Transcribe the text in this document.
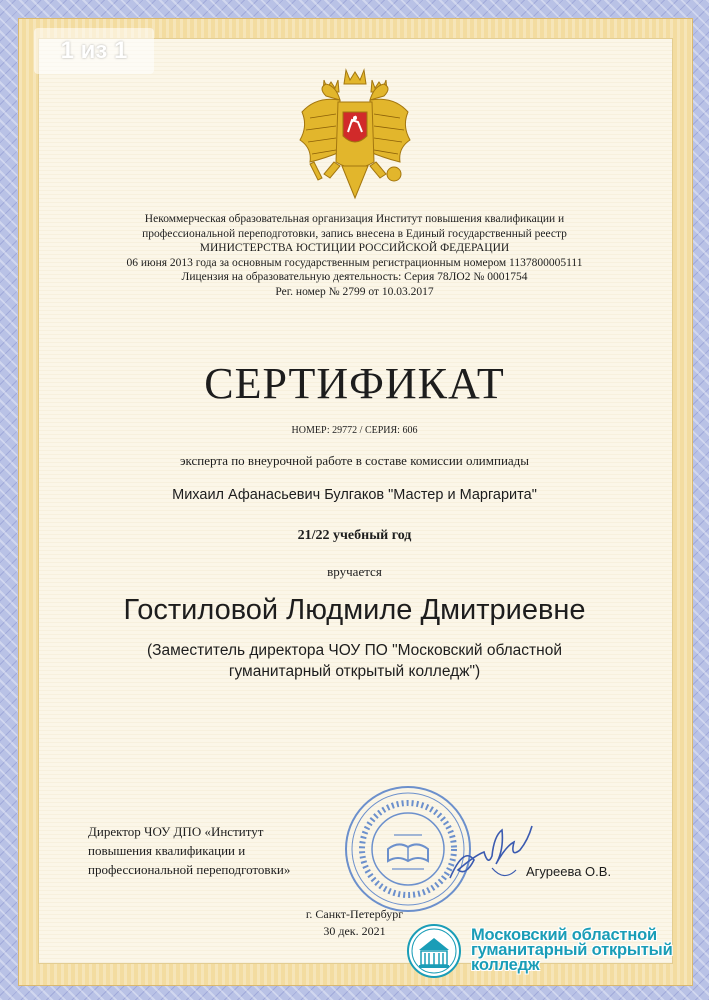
1 из 1
Некоммерческая образовательная организация Институт повышения квалификации и
профессиональной переподготовки, запись внесена в Единый государственный реестр
МИНИСТЕРСТВА ЮСТИЦИИ РОССИЙСКОЙ ФЕДЕРАЦИИ
06 июня 2013 года за основным государственным регистрационным номером 1137800005111
Лицензия на образовательную деятельность: Серия 78ЛО2 № 0001754
Рег. номер № 2799 от 10.03.2017
СЕРТИФИКАТ
НОМЕР: 29772 / СЕРИЯ: 606
эксперта по внеурочной работе в составе комиссии олимпиады
Михаил Афанасьевич Булгаков "Мастер и Маргарита"
21/22 учебный год
вручается
Гостиловой Людмиле Дмитриевне
(Заместитель директора ЧОУ ПО "Московский областной
гуманитарный открытый колледж")
Директор ЧОУ ДПО «Институт
повышения квалификации и
профессиональной переподготовки»	Агуреева О.В.
г. Санкт-Петербург
30 дек. 2021	Московский областной
гуманитарный открытый
колледж
